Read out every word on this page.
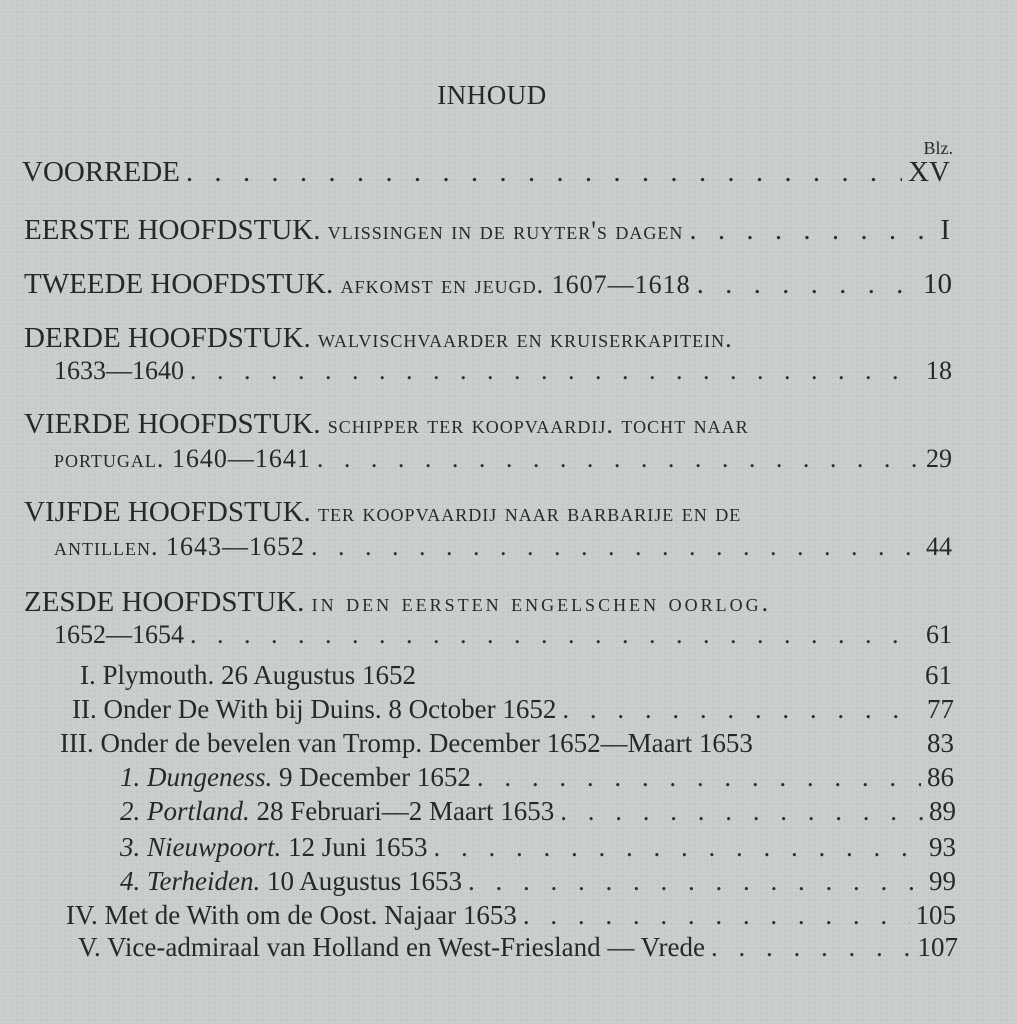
INHOUD
Blz.
VOORREDE . . .	XV
EERSTE HOOFDSTUK. vlissingen in de ruyter's dagen . . .	I
TWEEDE HOOFDSTUK. afkomst en jeugd. 1607—1618 . . .	10
DERDE HOOFDSTUK. walvischvaarder en kruiserkapitein.
1633—1640 . . .	18
VIERDE HOOFDSTUK. schipper ter koopvaardij. tocht naar
portugal. 1640—1641 . . .	29
VIJFDE HOOFDSTUK. ter koopvaardij naar barbarije en de
antillen. 1643—1652 . . .	44
ZESDE HOOFDSTUK. in den eersten engelschen oorlog.
1652—1654 . . .	61
I. Plymouth. 26 Augustus 1652	61
II. Onder De With bij Duins. 8 October 1652 . . .	77
III. Onder de bevelen van Tromp. December 1652—Maart 1653	83
1. Dungeness. 9 December 1652 . . .	86
2. Portland. 28 Februari—2 Maart 1653 . . .	89
3. Nieuwpoort. 12 Juni 1653 . . .	93
4. Terheiden. 10 Augustus 1653 . . .	99
IV. Met de With om de Oost. Najaar 1653 . . .	105
V. Vice-admiraal van Holland en West-Friesland — Vrede . . .	107
